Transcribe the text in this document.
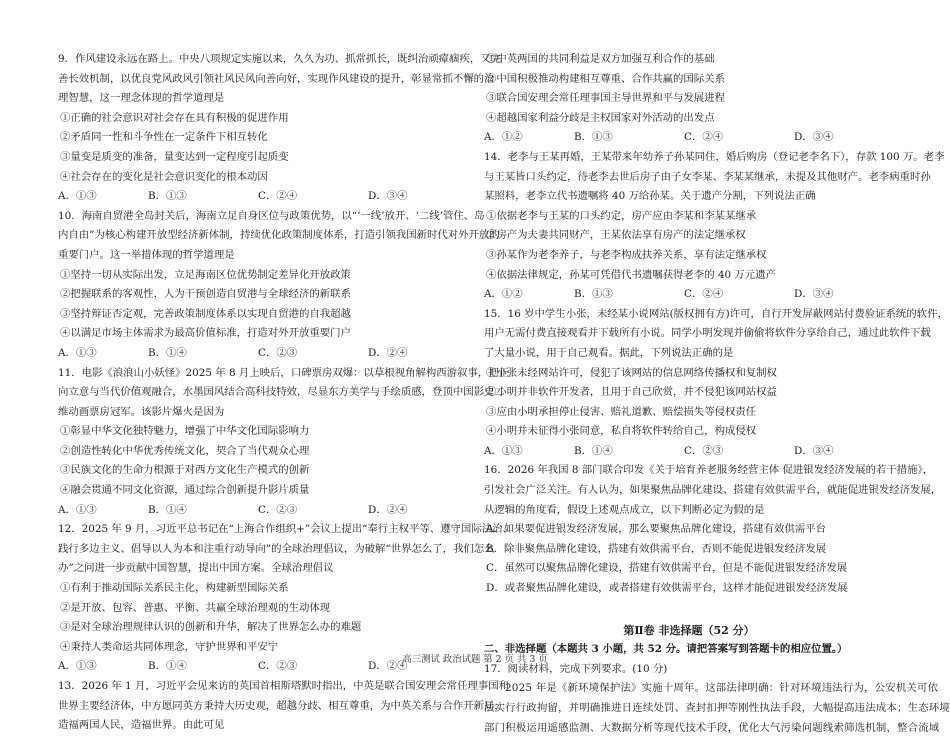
9．作风建设永远在路上。中央八项规定实施以来，久久为功、抓常抓长，既纠治顽瘴痼疾，又完
善长效机制，以优良党风政风引领社风民风向善向好，实现作风建设的提升，彰显常抓不懈的治
理智慧，这一理念体现的哲学道理是
①正确的社会意识对社会存在具有积极的促进作用
②矛盾同一性和斗争性在一定条件下相互转化
③量变是质变的准备，量变达到一定程度引起质变
④社会存在的变化是社会意识变化的根本动因
A．①③	B．①③	C．②④	D．③④
10．海南自贸港全岛封关后，海南立足自身区位与政策优势，以“‘一线’放开、‘二线’管住、岛
内自由”为核心构建开放型经济新体制，持续优化政策制度体系，打造引领我国新时代对外开放的
重要门户。这一举措体现的哲学道理是
①坚持一切从实际出发，立足海南区位优势制定差异化开放政策
②把握联系的客观性，人为干预创造自贸港与全球经济的新联系
③坚持辩证否定观，完善政策制度体系以实现自贸港的自我超越
④以满足市场主体需求为最高价值标准，打造对外开放重要门户
A．①③	B．①④	C．②③	D．②④
11．电影《浪浪山小妖怪》2025 年 8 月上映后，口碑票房双爆：以草根视角解构西游叙事，把正
向立意与当代价值观融合，水墨国风结合高科技特效，尽显东方美学与手绘质感，登顶中国影史二
维动画票房冠军。该影片爆火是因为
①彰显中华文化独特魅力，增强了中华文化国际影响力
②创造性转化中华优秀传统文化，契合了当代观众心理
③民族文化的生命力根源于对西方文化生产模式的创新
④融会贯通不同文化资源，通过综合创新提升影片质量
A．①③	B．①④	C．②③	D．②④
12．2025 年 9 月，习近平总书记在“上海合作组织+”会议上提出“奉行主权平等、遵守国际法治、
践行多边主义、倡导以人为本和注重行动导向”的全球治理倡议，为破解“世界怎么了，我们怎么
办”之问进一步贡献中国智慧，提出中国方案。全球治理倡议
①有利于推动国际关系民主化，构建新型国际关系
②是开放、包容、普惠、平衡、共赢全球治理观的生动体现
③是对全球治理规律认识的创新和升华，解决了世界怎么办的难题
④秉持人类命运共同体理念，守护世界和平安宁
A．①③	B．①④	C．②③	D．②④
13．2026 年 1 月，习近平会见来访的英国首相斯塔默时指出，中英是联合国安理会常任理事国和
世界主要经济体，中方愿同英方秉持大历史观，超越分歧、相互尊重，为中英关系与合作开新局，
造福两国人民，造福世界。由此可见
①中英两国的共同利益是双方加强互利合作的基础
②中国积极推动构建相互尊重、合作共赢的国际关系
③联合国安理会常任理事国主导世界和平与发展进程
④超越国家利益分歧是主权国家对外活动的出发点
A．①②	B．①③	C．②④	D．③④
14．老李与王某再婚，王某带来年幼养子孙某同住，婚后购房（登记老李名下），存款 100 万。老李
与王某皆口头约定，待老李去世后房子由子女李某、李某某继承，未提及其他财产。老李病重时孙
某照料，老李立代书遗嘱将 40 万给孙某。关于遗产分割，下列说法正确
①依据老李与王某的口头约定，房产应由李某和李某某继承
②房产为夫妻共同财产，王某依法享有房产的法定继承权
③孙某作为老李养子，与老李构成扶养关系，享有法定继承权
④依据法律规定，孙某可凭借代书遗嘱获得老李的 40 万元遗产
A．①②	B．①③	C．②④	D．③④
15．16 岁中学生小张，未经某小说网站(版权拥有方)许可，自行开发屏蔽网站付费验证系统的软件，
用户无需付费直接观看并下载所有小说。同学小明发现并偷偷将软件分享给自己，通过此软件下载
了大量小说，用于自己观看。据此，下列说法正确的是
①小张未经网站许可，侵犯了该网站的信息网络传播权和复制权
②小明并非软件开发者，且用于自己欣赏，并不侵犯该网站权益
③应由小明承担停止侵害、赔礼道歉、赔偿损失等侵权责任
④小明并未征得小张同意，私自将软件转给自己，构成侵权
A．①③	B．①④	C．②③	D．③④
16．2026 年我国 8 部门联合印发《关于培育养老服务经营主体 促进银发经济发展的若干措施》，
引发社会广泛关注。有人认为，如果聚焦品牌化建设、搭建有效供需平台，就能促进银发经济发展，
从逻辑的角度看，假设上述观点成立，以下判断必定为假的是
A．如果要促进银发经济发展，那么要聚焦品牌化建设，搭建有效供需平台
B．除非聚焦品牌化建设，搭建有效供需平台，否则不能促进银发经济发展
C．虽然可以聚焦品牌化建设，搭建有效供需平台，但是不能促进银发经济发展
D．或者聚焦品牌化建设，或者搭建有效供需平台，这样才能促进银发经济发展
第Ⅱ卷 非选择题（52 分）
二、非选择题（本题共 3 小题，共 52 分。请把答案写到答题卡的相应位置。）
17．阅读材料，完成下列要求。(10 分)
2025 年是《新环境保护法》实施十周年。这部法律明确：针对环境违法行为，公安机关可依
法实行行政拘留，并明确推进日连续处罚、查封扣押等刚性执法手段，大幅提高违法成本；生态环境
部门积极运用遥感监测、大数据分析等现代技术手段，优化大气污染问题线索筛选机制，整合流域
高三测试 政治试题 第 2 页 共 3 页
